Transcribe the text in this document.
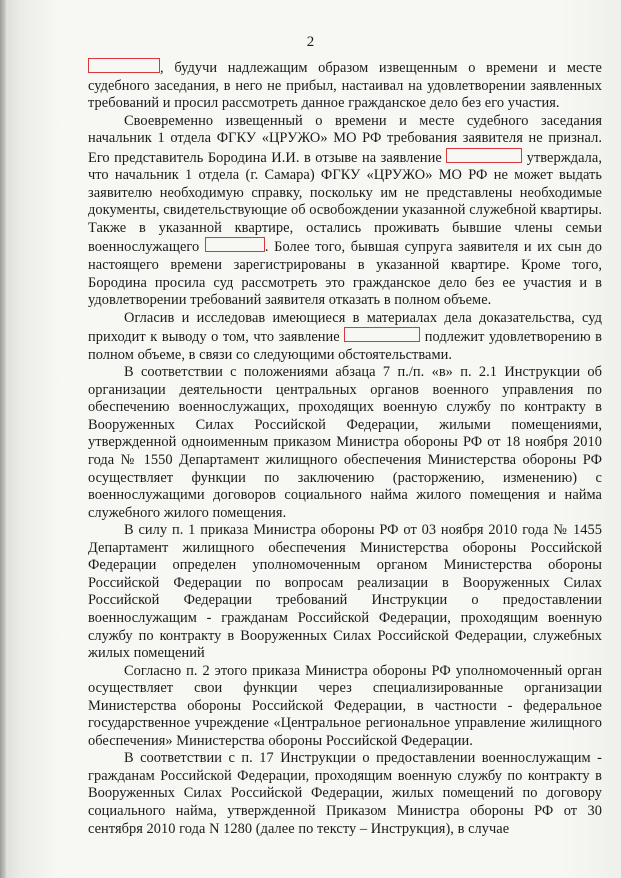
2

, будучи надлежащим образом извещенным о времени и месте судебного заседания, в него не прибыл, настаивал на удовлетворении заявленных требований и просил рассмотреть данное гражданское дело без его участия.

Своевременно извещенный о времени и месте судебного заседания начальник 1 отдела ФГКУ «ЦРУЖО» МО РФ требования заявителя не признал. Его представитель Бородина И.И. в отзыве на заявление	утверждала, что начальник 1 отдела (г. Самара) ФГКУ «ЦРУЖО» МО РФ не может выдать заявителю необходимую справку, поскольку им не представлены необходимые документы, свидетельствующие об освобождении указанной служебной квартиры. Также в указанной квартире, остались проживать бывшие члены семьи военнослужащего	. Более того, бывшая супруга заявителя и их сын до настоящего времени зарегистрированы в указанной квартире. Кроме того, Бородина просила суд рассмотреть это гражданское дело без ее участия и в удовлетворении требований заявителя отказать в полном объеме.

Огласив и исследовав имеющиеся в материалах дела доказательства, суд приходит к выводу о том, что заявление	подлежит удовлетворению в полном объеме, в связи со следующими обстоятельствами.

В соответствии с положениями абзаца 7 п./п. «в» п. 2.1 Инструкции об организации деятельности центральных органов военного управления по обеспечению военнослужащих, проходящих военную службу по контракту в Вооруженных Силах Российской Федерации, жилыми помещениями, утвержденной одноименным приказом Министра обороны РФ от 18 ноября 2010 года № 1550 Департамент жилищного обеспечения Министерства обороны РФ осуществляет функции по заключению (расторжению, изменению) с военнослужащими договоров социального найма жилого помещения и найма служебного жилого помещения.

В силу п. 1 приказа Министра обороны РФ от 03 ноября 2010 года № 1455 Департамент жилищного обеспечения Министерства обороны Российской Федерации определен уполномоченным органом Министерства обороны Российской Федерации по вопросам реализации в Вооруженных Силах Российской Федерации требований Инструкции о предоставлении военнослужащим - гражданам Российской Федерации, проходящим военную службу по контракту в Вооруженных Силах Российской Федерации, служебных жилых помещений

Согласно п. 2 этого приказа Министра обороны РФ уполномоченный орган осуществляет свои функции через специализированные организации Министерства обороны Российской Федерации, в частности - федеральное государственное учреждение «Центральное региональное управление жилищного обеспечения» Министерства обороны Российской Федерации.

В соответствии с п. 17 Инструкции о предоставлении военнослужащим - гражданам Российской Федерации, проходящим военную службу по контракту в Вооруженных Силах Российской Федерации, жилых помещений по договору социального найма, утвержденной Приказом Министра обороны РФ от 30 сентября 2010 года N 1280 (далее по тексту – Инструкция), в случае
